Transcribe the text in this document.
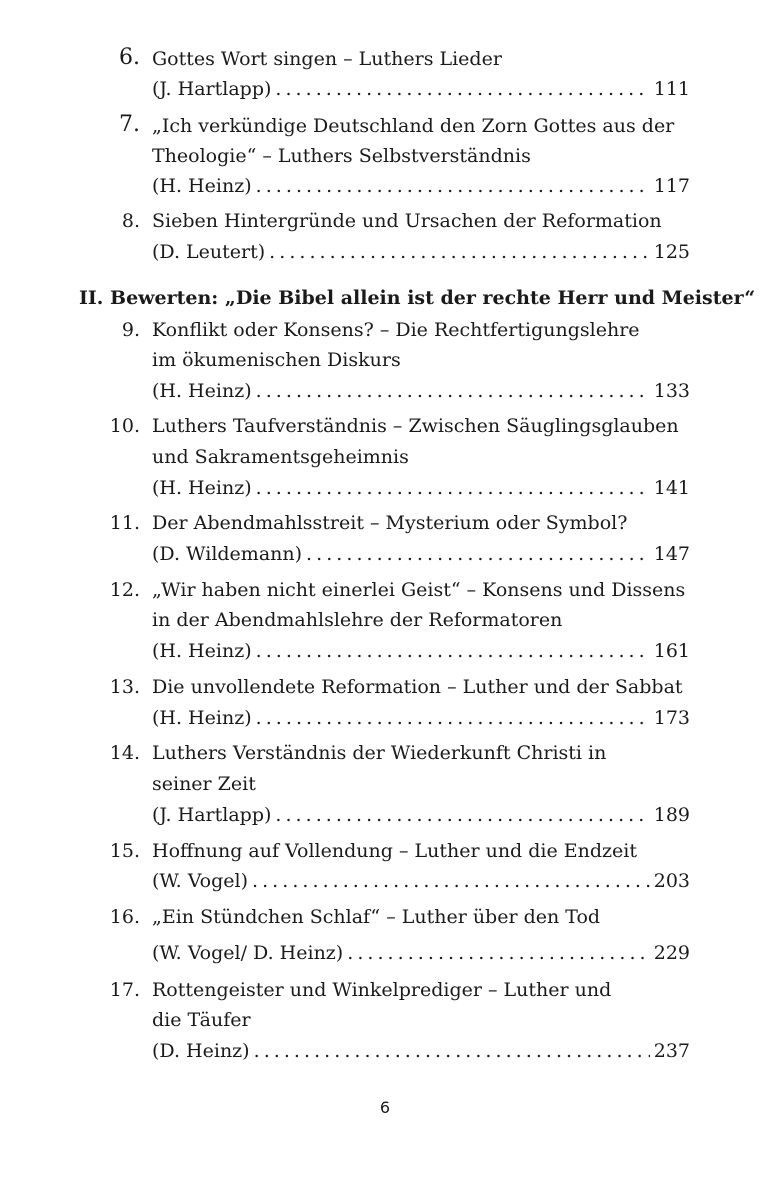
6. Gottes Wort singen – Luthers Lieder
(J. Hartlapp) . . .	111
7. „Ich verkündige Deutschland den Zorn Gottes aus der
Theologie“ – Luthers Selbstverständnis
(H. Heinz) . . .	117
8. Sieben Hintergründe und Ursachen der Reformation
(D. Leutert) . . .	125
II. Bewerten: „Die Bibel allein ist der rechte Herr und Meister“
9. Konflikt oder Konsens? – Die Rechtfertigungslehre
im ökumenischen Diskurs
(H. Heinz) . . .	133
10. Luthers Taufverständnis – Zwischen Säuglingsglauben
und Sakramentsgeheimnis
(H. Heinz) . . .	141
11. Der Abendmahlsstreit – Mysterium oder Symbol?
(D. Wildemann) . . .	147
12. „Wir haben nicht einerlei Geist“ – Konsens und Dissens
in der Abendmahlslehre der Reformatoren
(H. Heinz) . . .	161
13. Die unvollendete Reformation – Luther und der Sabbat
(H. Heinz) . . .	173
14. Luthers Verständnis der Wiederkunft Christi in
seiner Zeit
(J. Hartlapp) . . .	189
15. Hoffnung auf Vollendung – Luther und die Endzeit
(W. Vogel) . . .	203
16. „Ein Stündchen Schlaf“ – Luther über den Tod
(W. Vogel/ D. Heinz) . . .	229
17. Rottengeister und Winkelprediger – Luther und
die Täufer
(D. Heinz) . . .	237
6
